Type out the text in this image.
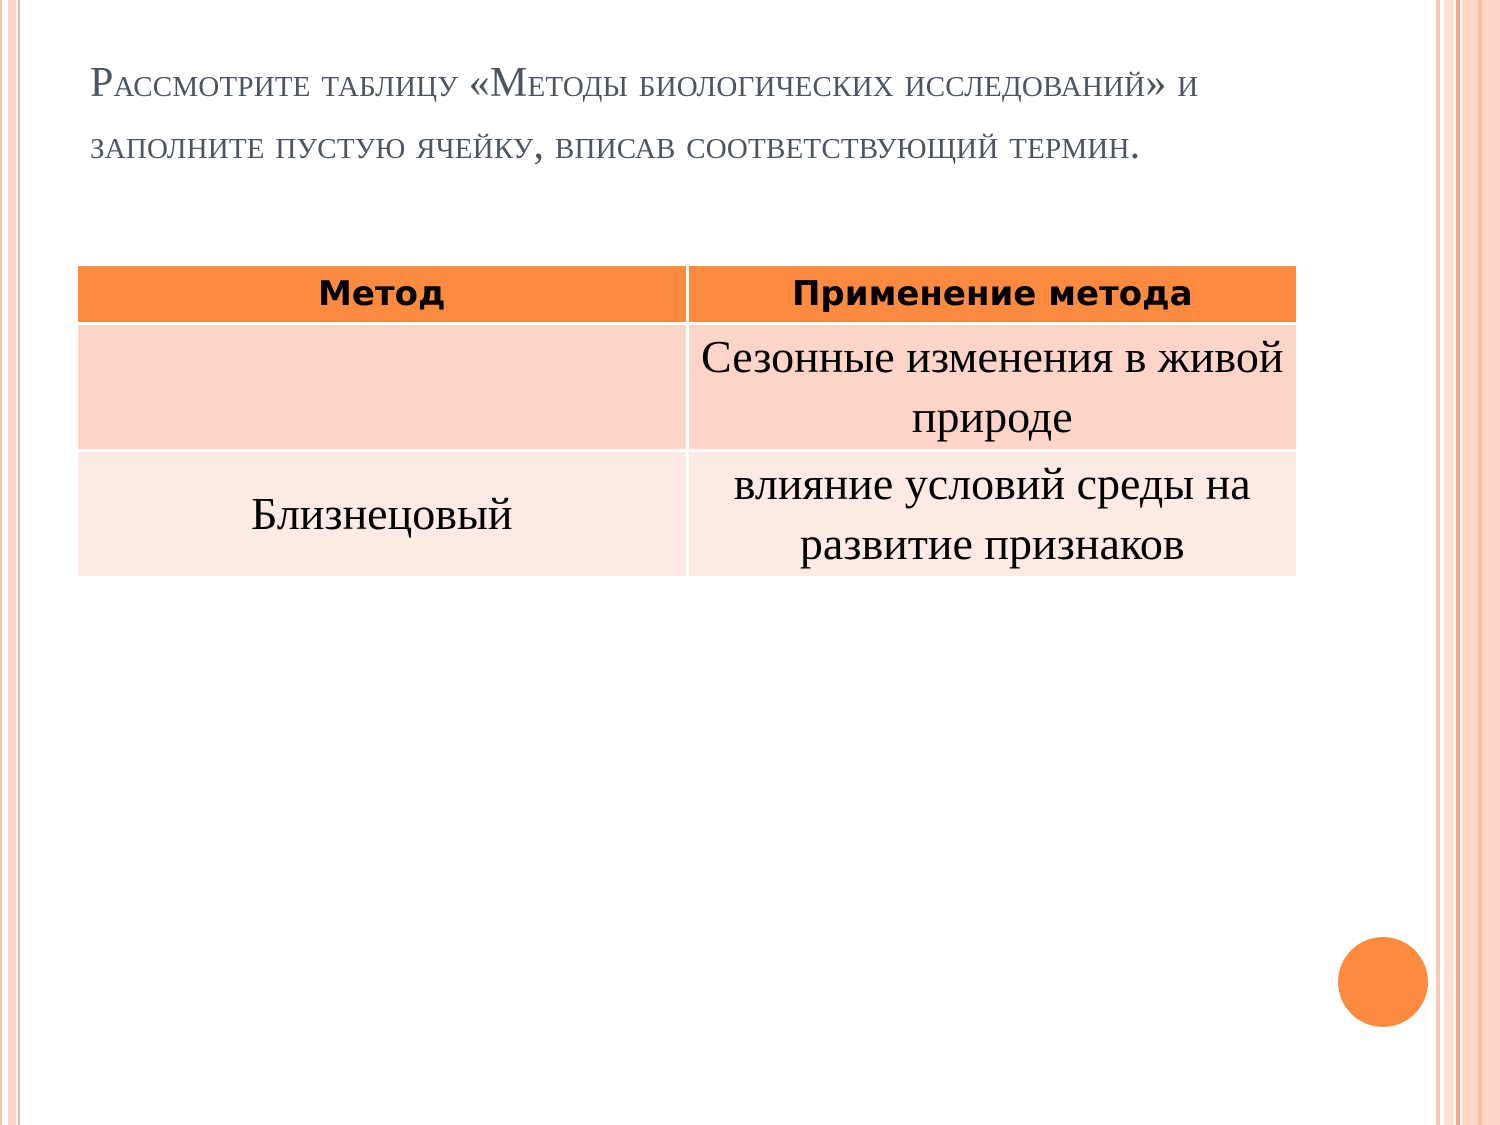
Рассмотрите таблицу «Методы биологических исследований» и заполните пустую ячейку, вписав соответствующий термин.
Метод	Применение метода
	Сезонные изменения в живой природе
Близнецовый	влияние условий среды на развитие признаков
